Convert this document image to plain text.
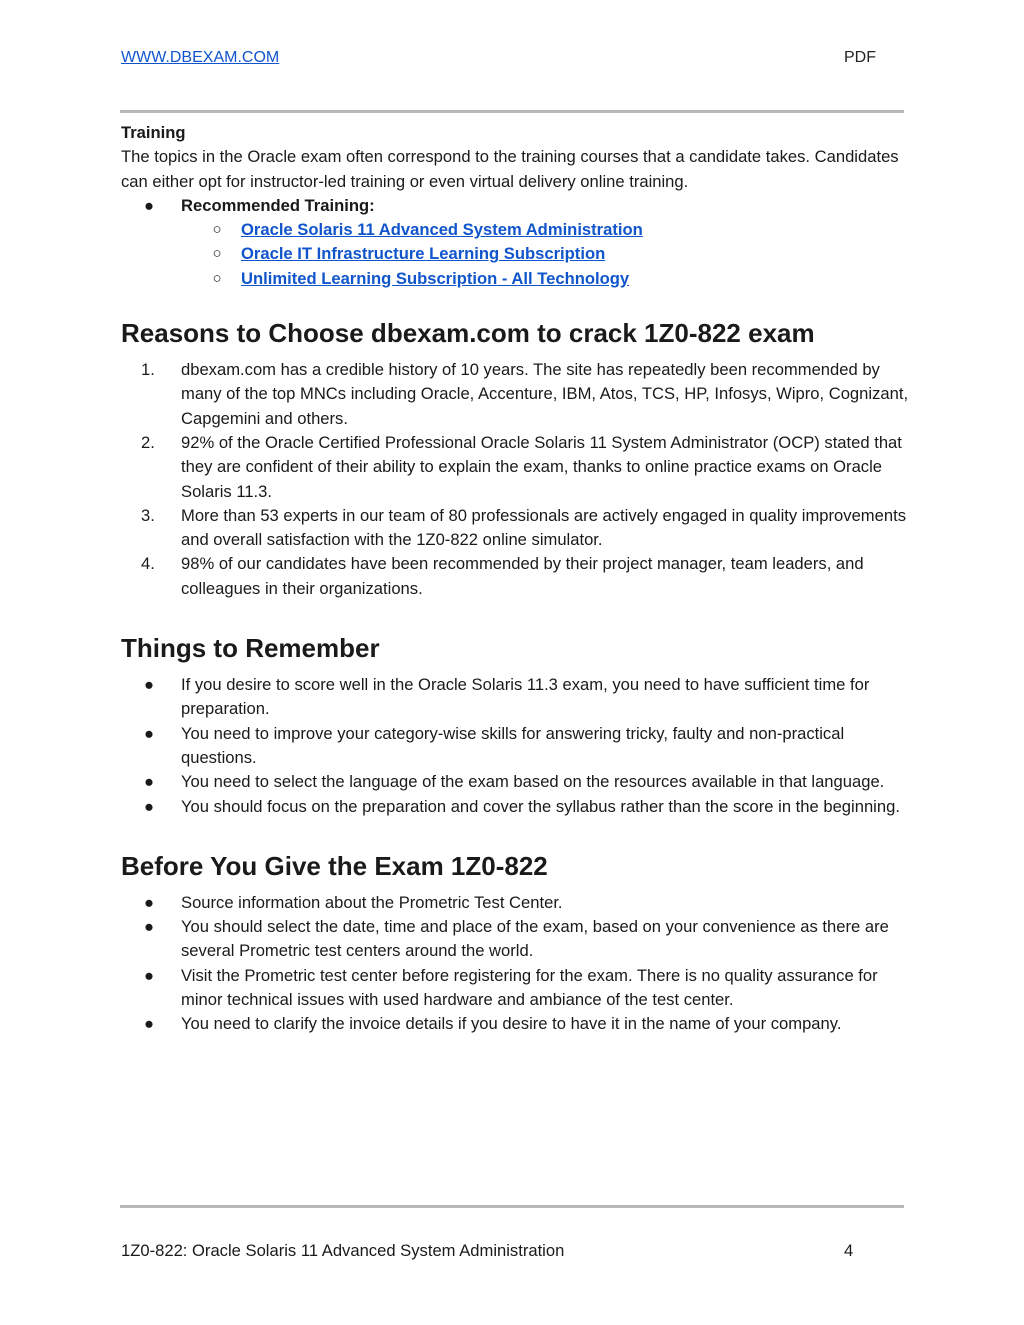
WWW.DBEXAM.COM	PDF
Training

The topics in the Oracle exam often correspond to the training courses that a candidate takes. Candidates can either opt for instructor-led training or even virtual delivery online training.

●	Recommended Training:
○	Oracle Solaris 11 Advanced System Administration
○	Oracle IT Infrastructure Learning Subscription
○	Unlimited Learning Subscription - All Technology
Reasons to Choose dbexam.com to crack 1Z0-822 exam
1.	dbexam.com has a credible history of 10 years. The site has repeatedly been recommended by many of the top MNCs including Oracle, Accenture, IBM, Atos, TCS, HP, Infosys, Wipro, Cognizant, Capgemini and others.
2.	92% of the Oracle Certified Professional Oracle Solaris 11 System Administrator (OCP) stated that they are confident of their ability to explain the exam, thanks to online practice exams on Oracle Solaris 11.3.
3.	More than 53 experts in our team of 80 professionals are actively engaged in quality improvements and overall satisfaction with the 1Z0-822 online simulator.
4.	98% of our candidates have been recommended by their project manager, team leaders, and colleagues in their organizations.
Things to Remember
●	If you desire to score well in the Oracle Solaris 11.3 exam, you need to have sufficient time for preparation.
●	You need to improve your category-wise skills for answering tricky, faulty and non-practical questions.
●	You need to select the language of the exam based on the resources available in that language.
●	You should focus on the preparation and cover the syllabus rather than the score in the beginning.
Before You Give the Exam 1Z0-822
●	Source information about the Prometric Test Center.
●	You should select the date, time and place of the exam, based on your convenience as there are several Prometric test centers around the world.
●	Visit the Prometric test center before registering for the exam. There is no quality assurance for minor technical issues with used hardware and ambiance of the test center.
●	You need to clarify the invoice details if you desire to have it in the name of your company.
1Z0-822: Oracle Solaris 11 Advanced System Administration	4
